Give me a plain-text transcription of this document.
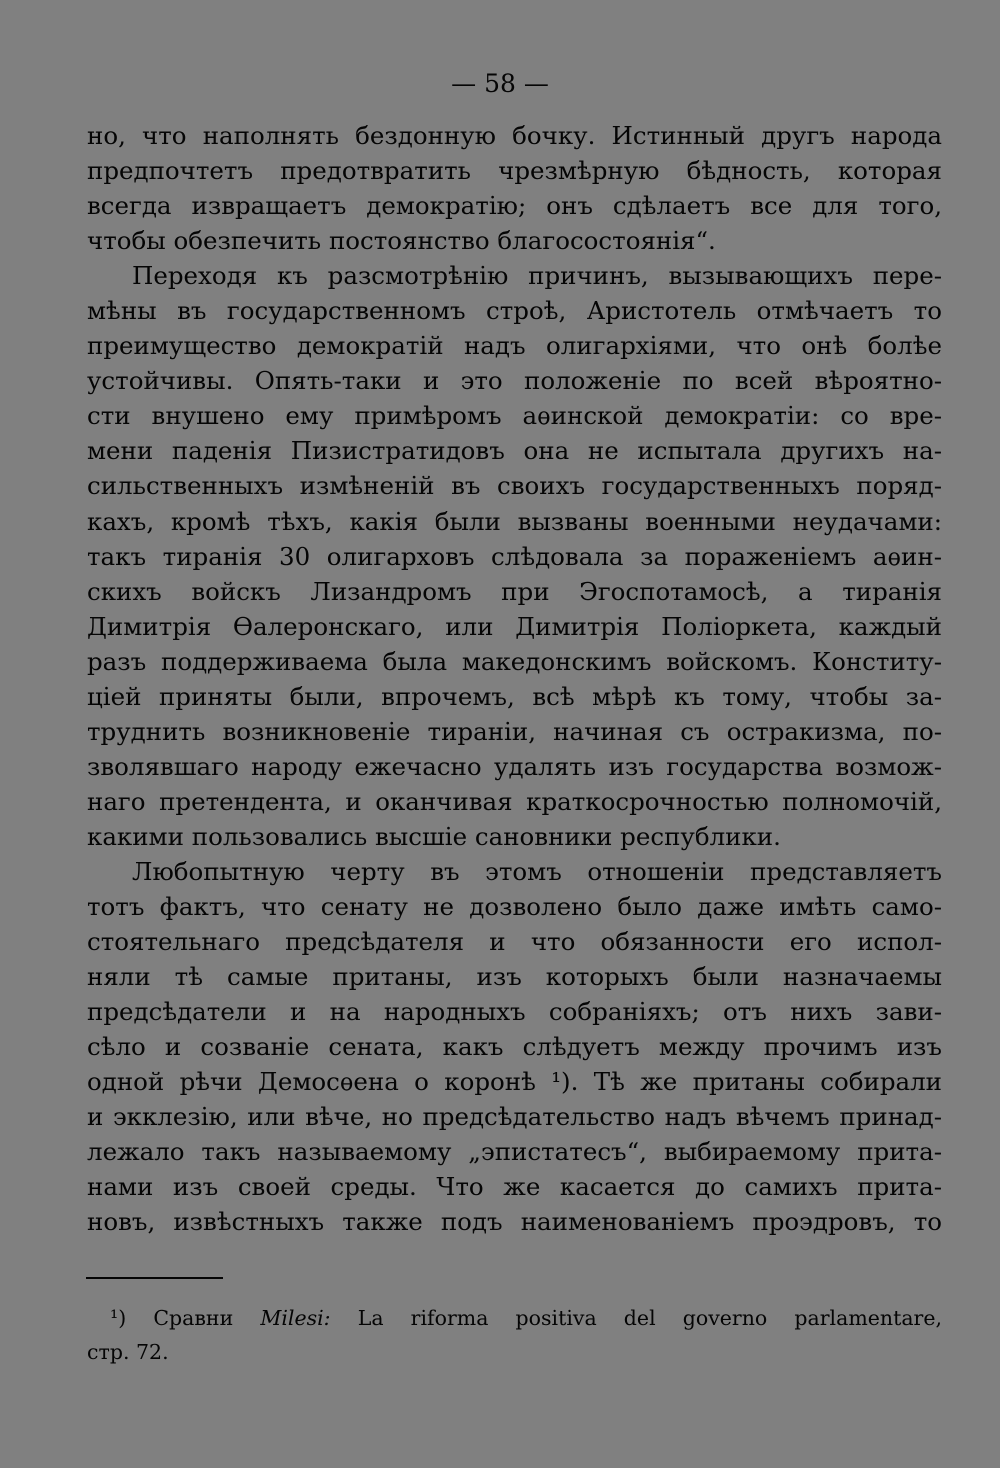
— 58 —
но, что наполнять бездонную бочку. Истинный другъ народа
предпочтетъ предотвратить чрезмѣрную бѣдность, которая
всегда извращаетъ демократію; онъ сдѣлаетъ все для того,
чтобы обезпечить постоянство благосостоянія“.
Переходя къ разсмотрѣнію причинъ, вызывающихъ пере-
мѣны въ государственномъ строѣ, Аристотель отмѣчаетъ то
преимущество демократій надъ олигархіями, что онѣ болѣе
устойчивы. Опять-таки и это положеніе по всей вѣроятно-
сти внушено ему примѣромъ аѳинской демократіи: со вре-
мени паденія Пизистратидовъ она не испытала другихъ на-
сильственныхъ измѣненій въ своихъ государственныхъ поряд-
кахъ, кромѣ тѣхъ, какія были вызваны военными неудачами:
такъ тиранія 30 олигарховъ слѣдовала за пораженіемъ аѳин-
скихъ войскъ Лизандромъ при Эгоспотамосѣ, а тиранія
Димитрія Ѳалеронскаго, или Димитрія Поліоркета, каждый
разъ поддерживаема была македонскимъ войскомъ. Конститу-
ціей приняты были, впрочемъ, всѣ мѣрѣ къ тому, чтобы за-
труднить возникновеніе тираніи, начиная съ остракизма, по-
зволявшаго народу ежечасно удалять изъ государства возмож-
наго претендента, и оканчивая краткосрочностью полномочій,
какими пользовались высшіе сановники республики.
Любопытную черту въ этомъ отношеніи представляетъ
тотъ фактъ, что сенату не дозволено было даже имѣть само-
стоятельнаго предсѣдателя и что обязанности его испол-
няли тѣ самые пританы, изъ которыхъ были назначаемы
предсѣдатели и на народныхъ собраніяхъ; отъ нихъ зави-
сѣло и созваніе сената, какъ слѣдуетъ между прочимъ изъ
одной рѣчи Демосѳена о коронѣ ¹). Тѣ же пританы собирали
и экклезію, или вѣче, но предсѣдательство надъ вѣчемъ принад-
лежало такъ называемому „эпистатесъ“, выбираемому прита-
нами изъ своей среды. Что же касается до самихъ прита-
новъ, извѣстныхъ также подъ наименованіемъ проэдровъ, то
¹) Сравни Milesi: La riforma positiva del governo parlamentare,
стр. 72.
